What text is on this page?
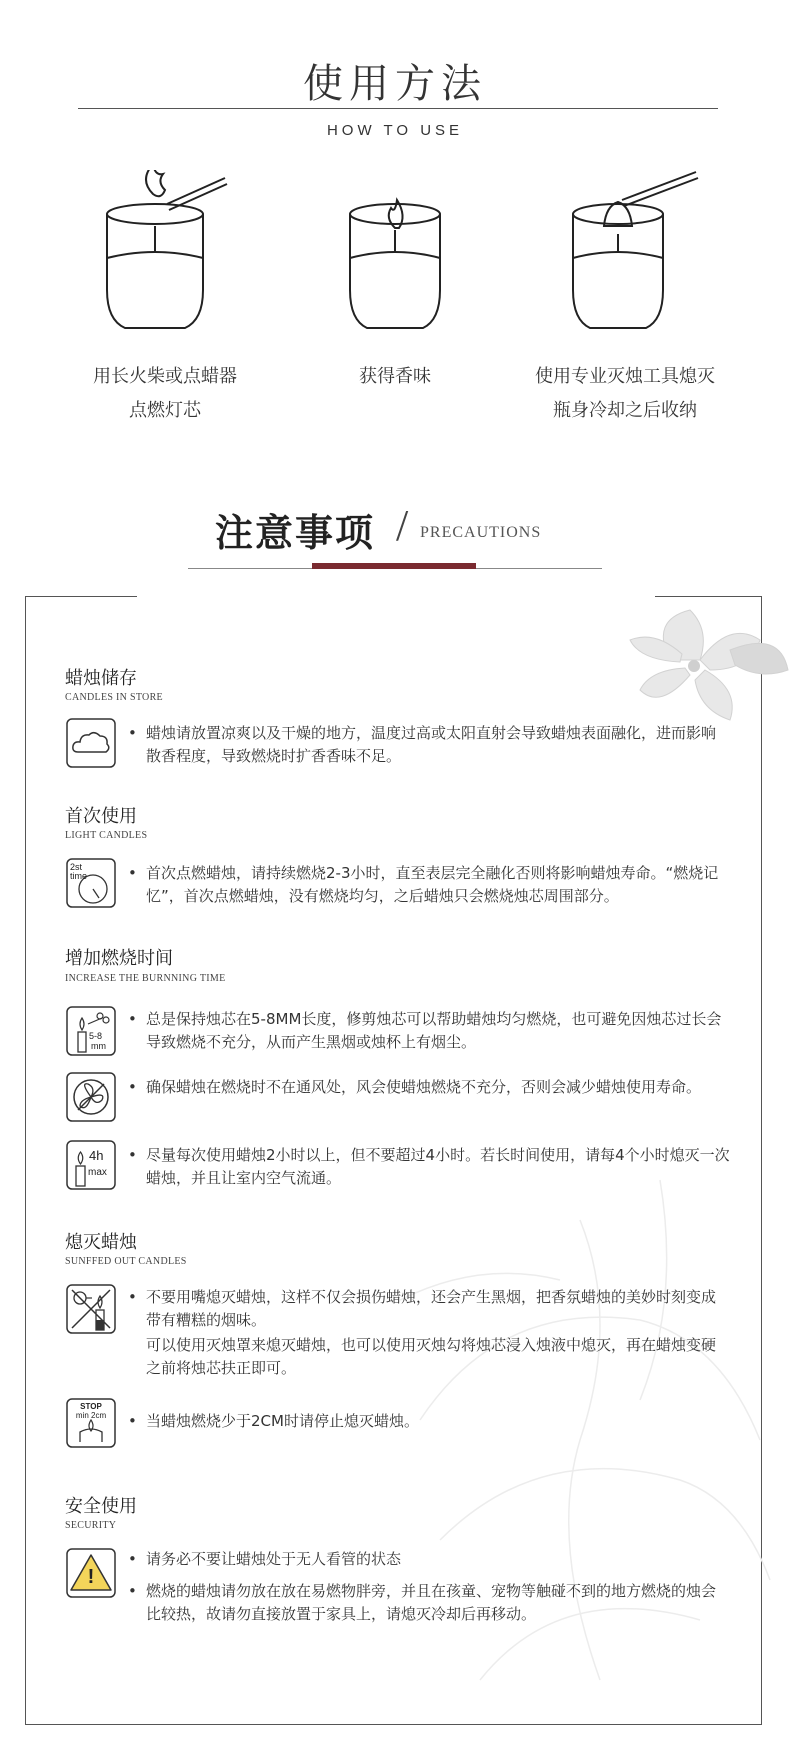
使用方法
HOW TO USE
用长火柴或点蜡器
点燃灯芯
获得香味	使用专业灭烛工具熄灭
瓶身冷却之后收纳
注意事项 / PRECAUTIONS
蜡烛储存
CANDLES IN STORE
• 蜡烛请放置凉爽以及干燥的地方，温度过高或太阳直射会导致蜡烛表面融化，进而影响散香程度，导致燃烧时扩香香味不足。
首次使用
LIGHT CANDLES
2st
time	• 首次点燃蜡烛，请持续燃烧2-3小时，直至表层完全融化否则将影响蜡烛寿命。“燃烧记忆”，首次点燃蜡烛，没有燃烧均匀，之后蜡烛只会燃烧烛芯周围部分。
增加燃烧时间
INCREASE THE BURNNING TIME
5-8
mm
• 总是保持烛芯在5-8MM长度，修剪烛芯可以帮助蜡烛均匀燃烧，也可避免因烛芯过长会导致燃烧不充分，从而产生黑烟或烛杯上有烟尘。
• 确保蜡烛在燃烧时不在通风处，风会使蜡烛燃烧不充分，否则会减少蜡烛使用寿命。
4h
max
• 尽量每次使用蜡烛2小时以上，但不要超过4小时。若长时间使用，请每4个小时熄灭一次蜡烛，并且让室内空气流通。
熄灭蜡烛
SUNFFED OUT CANDLES
• 不要用嘴熄灭蜡烛，这样不仅会损伤蜡烛，还会产生黑烟，把香氛蜡烛的美妙时刻变成带有糟糕的烟味。
可以使用灭烛罩来熄灭蜡烛，也可以使用灭烛勾将烛芯浸入烛液中熄灭，再在蜡烛变硬之前将烛芯扶正即可。
STOP
min 2cm	• 当蜡烛燃烧少于2CM时请停止熄灭蜡烛。
安全使用
SECURITY
!
• 请务必不要让蜡烛处于无人看管的状态
• 燃烧的蜡烛请勿放在放在易燃物胖旁，并且在孩童、宠物等触碰不到的地方燃烧的烛会比较热，故请勿直接放置于家具上，请熄灭冷却后再移动。
